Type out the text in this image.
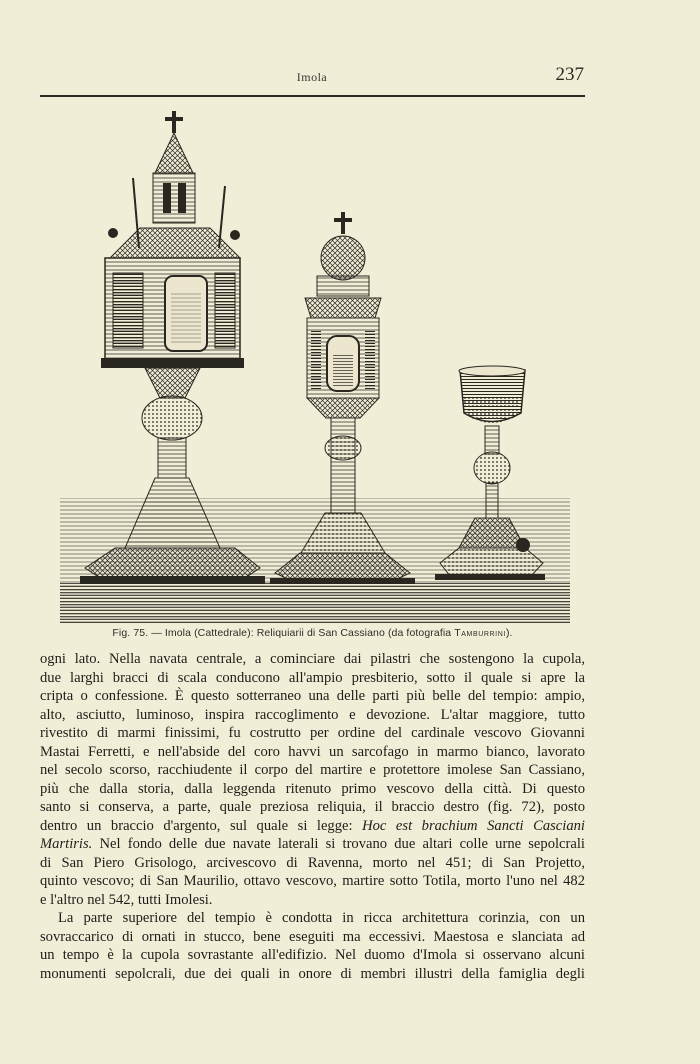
Imola	237
Fig. 75. — Imola (Cattedrale): Reliquiarii di San Cassiano (da fotografia Tamburrini).

ogni lato. Nella navata centrale, a cominciare dai pilastri che sostengono la cupola,
due larghi bracci di scala conducono all'ampio presbiterio, sotto il quale si apre la
cripta o confessione. È questo sotterraneo una delle parti più belle del tempio: ampio,
alto, asciutto, luminoso, inspira raccoglimento e devozione. L'altar maggiore, tutto
rivestito di marmi finissimi, fu costrutto per ordine del cardinale vescovo Giovanni
Mastai Ferretti, e nell'abside del coro havvi un sarcofago in marmo bianco, lavorato
nel secolo scorso, racchiudente il corpo del martire e protettore imolese San Cassiano,
più che dalla storia, dalla leggenda ritenuto primo vescovo della città. Di questo
santo si conserva, a parte, quale preziosa reliquia, il braccio destro (fig. 72), posto
dentro un braccio d'argento, sul quale si legge: Hoc est brachium Sancti Casciani
Martiris. Nel fondo delle due navate laterali si trovano due altari colle urne sepolcrali
di San Piero Grisologo, arcivescovo di Ravenna, morto nel 451; di San Projetto,
quinto vescovo; di San Maurilio, ottavo vescovo, martire sotto Totila, morto l'uno nel 482
e l'altro nel 542, tutti Imolesi.

La parte superiore del tempio è condotta in ricca architettura corinzia, con un
sovraccarico di ornati in stucco, bene eseguiti ma eccessivi. Maestosa e slanciata ad
un tempo è la cupola sovrastante all'edifizio. Nel duomo d'Imola si osservano alcuni
monumenti sepolcrali, due dei quali in onore di membri illustri della famiglia degli
